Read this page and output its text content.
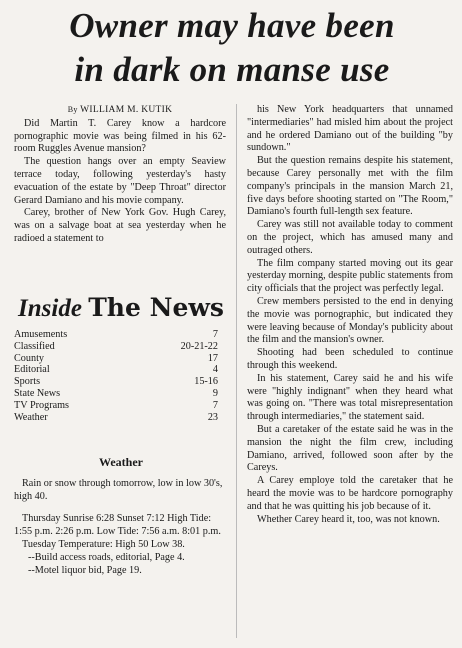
Owner may have been
in dark on manse use

By WILLIAM M. KUTIK

Did Martin T. Carey know a hardcore pornographic movie was being filmed in his 62-room Ruggles Avenue mansion?

The question hangs over an empty Seaview terrace today, following yesterday's hasty evacuation of the estate by "Deep Throat" director Gerard Damiano and his movie company.

Carey, brother of New York Gov. Hugh Carey, was on a salvage boat at sea yesterday when he radioed a statement to

his New York headquarters that unnamed "intermediaries" had misled him about the project and he ordered Damiano out of the building "by sundown."

But the question remains despite his statement, because Carey personally met with the film company's principals in the mansion March 21, five days before shooting started on "The Room," Damiano's fourth full-length sex feature.

Carey was still not available today to comment on the project, which has amused many and outraged others.

The film company started moving out its gear yesterday morning, despite public statements from city officials that the project was perfectly legal.

Crew members persisted to the end in denying the movie was pornographic, but indicated they were leaving because of Monday's publicity about the film and the mansion's owner.

Shooting had been scheduled to continue through this weekend.

In his statement, Carey said he and his wife were "highly indignant" when they heard what was going on. "There was total misrepresentation through intermediaries," the statement said.

But a caretaker of the estate said he was in the mansion the night the film crew, including Damiano, arrived, followed soon after by the Careys.

A Carey employe told the caretaker that he heard the movie was to be hardcore pornography and that he was quitting his job because of it.

Whether Carey heard it, too, was not known.

Inside The News
Amusements	7
Classified	20-21-22
County	17
Editorial	4
Sports	15-16
State News	9
TV Programs	7
Weather	23
Weather

Rain or snow through tomorrow, low in low 30's, high 40.

Thursday Sunrise 6:28 Sunset 7:12 High Tide: 1:55 p.m. 2:26 p.m. Low Tide: 7:56 a.m. 8:01 p.m.

Tuesday Temperature: High 50 Low 38.

--Build access roads, editorial, Page 4.

--Motel liquor bid, Page 19.
